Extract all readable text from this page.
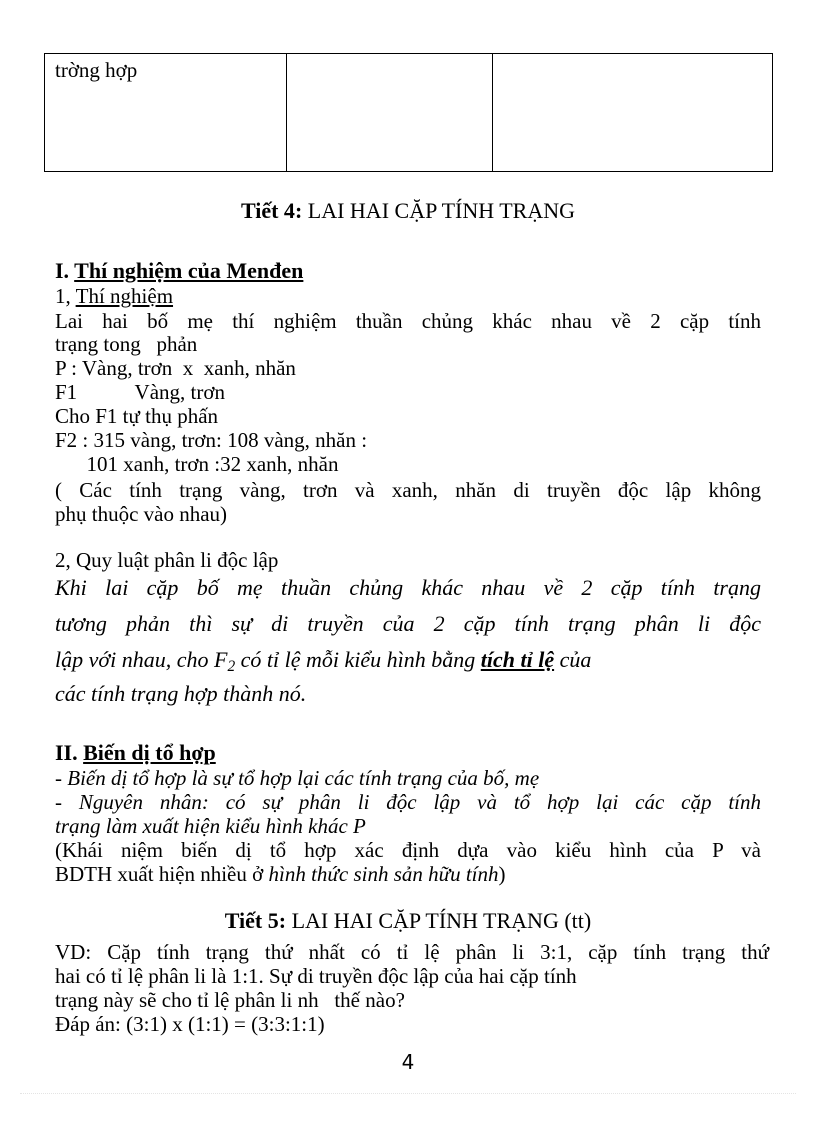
trờng hợp		
Tiết 4: LAI HAI CẶP TÍNH TRẠNG
I. Thí nghiệm của Menđen
1, Thí nghiệm
Lai hai bố mẹ thí nghiệm thuần chủng khác nhau về 2 cặp tính
trạng tong   phản
P : Vàng, trơn  x  xanh, nhăn
F1           Vàng, trơn
Cho F1 tự thụ phấn
F2 : 315 vàng, trơn: 108 vàng, nhăn :
101 xanh, trơn :32 xanh, nhăn
( Các tính trạng vàng, trơn và xanh, nhăn di truyền độc lập không
phụ thuộc vào nhau)
2, Quy luật phân li độc lập
Khi lai cặp bố mẹ thuần chủng khác nhau về 2 cặp tính trạng
tương phản thì sự di truyền của 2 cặp tính trạng phân li độc
lập với nhau, cho $F_2$ có tỉ lệ mỗi kiểu hình bằng tích tỉ lệ của
các tính trạng hợp thành nó.
II. Biến dị tổ hợp
- Biến dị tổ hợp là sự tổ hợp lại các tính trạng của bố, mẹ
- Nguyên nhân: có sự phân li độc lập và tổ hợp lại các cặp tính
trạng làm xuất hiện kiểu hình khác P
(Khái niệm biến dị tổ hợp xác định dựa vào kiểu hình của P và
BDTH xuất hiện nhiều ở hình thức sinh sản hữu tính)
Tiết 5: LAI HAI CẶP TÍNH TRẠNG (tt)
VD: Cặp tính trạng thứ nhất có tỉ lệ phân li 3:1, cặp tính trạng thứ
hai có tỉ lệ phân li là 1:1. Sự di truyền độc lập của hai cặp tính
trạng này sẽ cho tỉ lệ phân li nh   thế nào?
Đáp án: (3:1) x (1:1) = (3:3:1:1)
4
